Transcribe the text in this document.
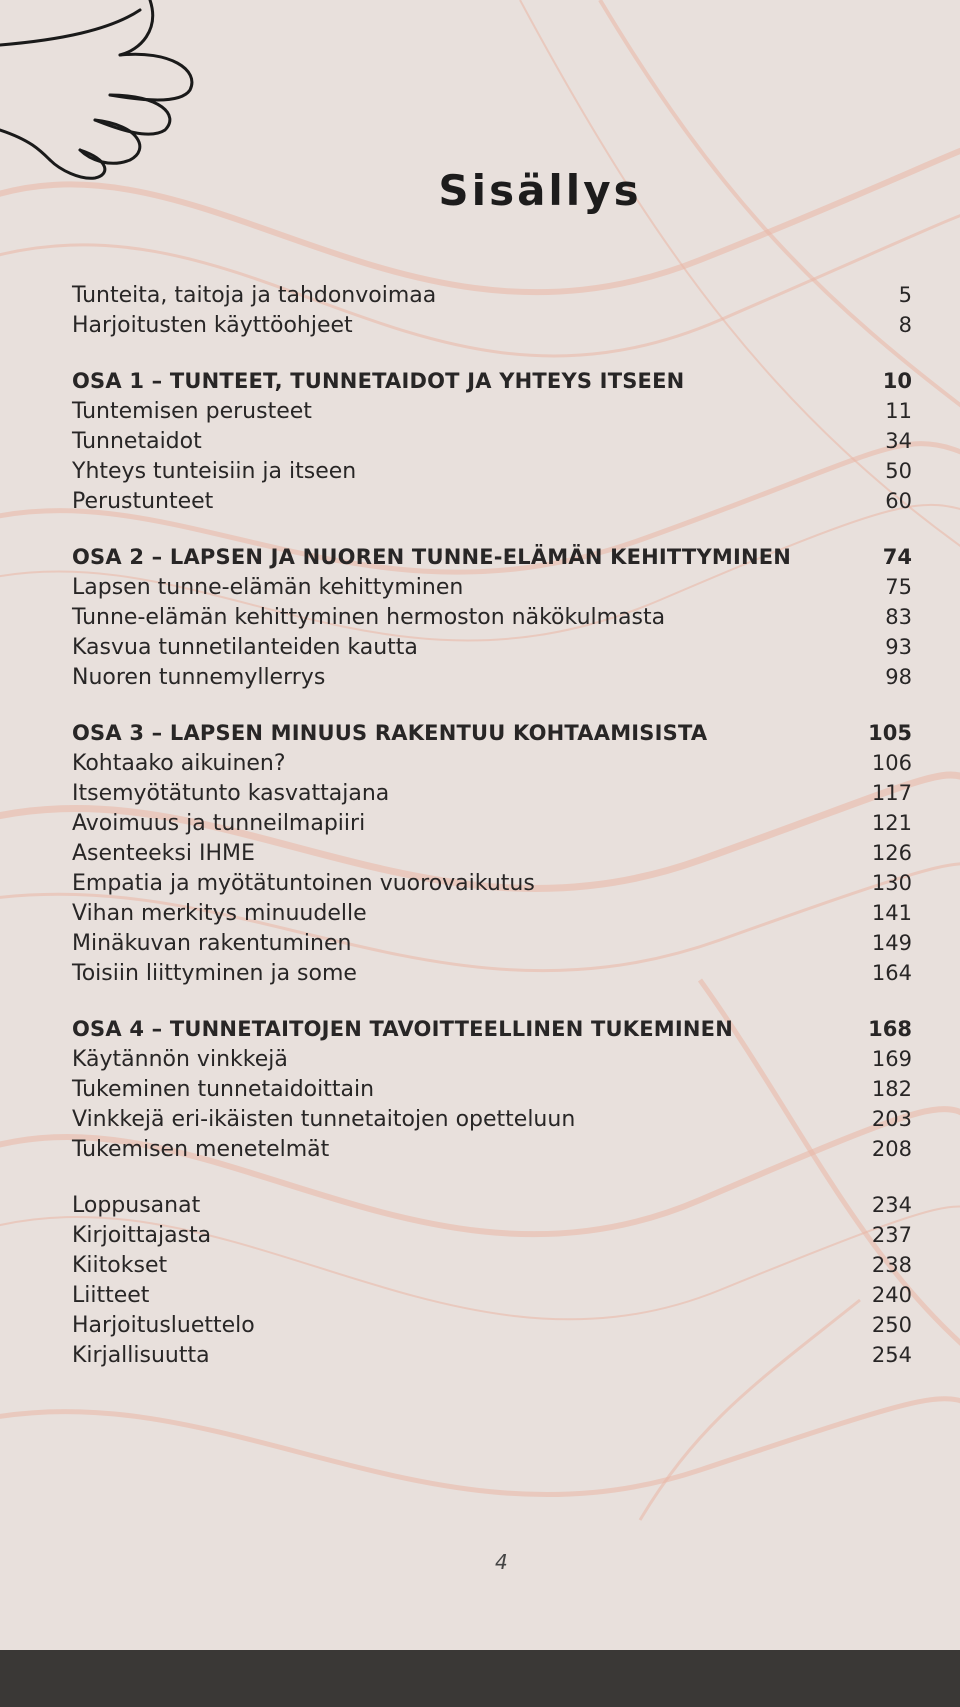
Sisällys
Tunteita, taitoja ja tahdonvoimaa	5
Harjoitusten käyttöohjeet	8
OSA 1 – TUNTEET, TUNNETAIDOT JA YHTEYS ITSEEN	10
Tuntemisen perusteet	11
Tunnetaidot	34
Yhteys tunteisiin ja itseen	50
Perustunteet	60
OSA 2 – LAPSEN JA NUOREN TUNNE-ELÄMÄN KEHITTYMINEN	74
Lapsen tunne-elämän kehittyminen	75
Tunne-elämän kehittyminen hermoston näkökulmasta	83
Kasvua tunnetilanteiden kautta	93
Nuoren tunnemyllerrys	98
OSA 3 – LAPSEN MINUUS RAKENTUU KOHTAAMISISTA	105
Kohtaako aikuinen?	106
Itsemyötätunto kasvattajana	117
Avoimuus ja tunneilmapiiri	121
Asenteeksi IHME	126
Empatia ja myötätuntoinen vuorovaikutus	130
Vihan merkitys minuudelle	141
Minäkuvan rakentuminen	149
Toisiin liittyminen ja some	164
OSA 4 – TUNNETAITOJEN TAVOITTEELLINEN TUKEMINEN	168
Käytännön vinkkejä	169
Tukeminen tunnetaidoittain	182
Vinkkejä eri-ikäisten tunnetaitojen opetteluun	203
Tukemisen menetelmät	208
Loppusanat	234
Kirjoittajasta	237
Kiitokset	238
Liitteet	240
Harjoitusluettelo	250
Kirjallisuutta	254
4
